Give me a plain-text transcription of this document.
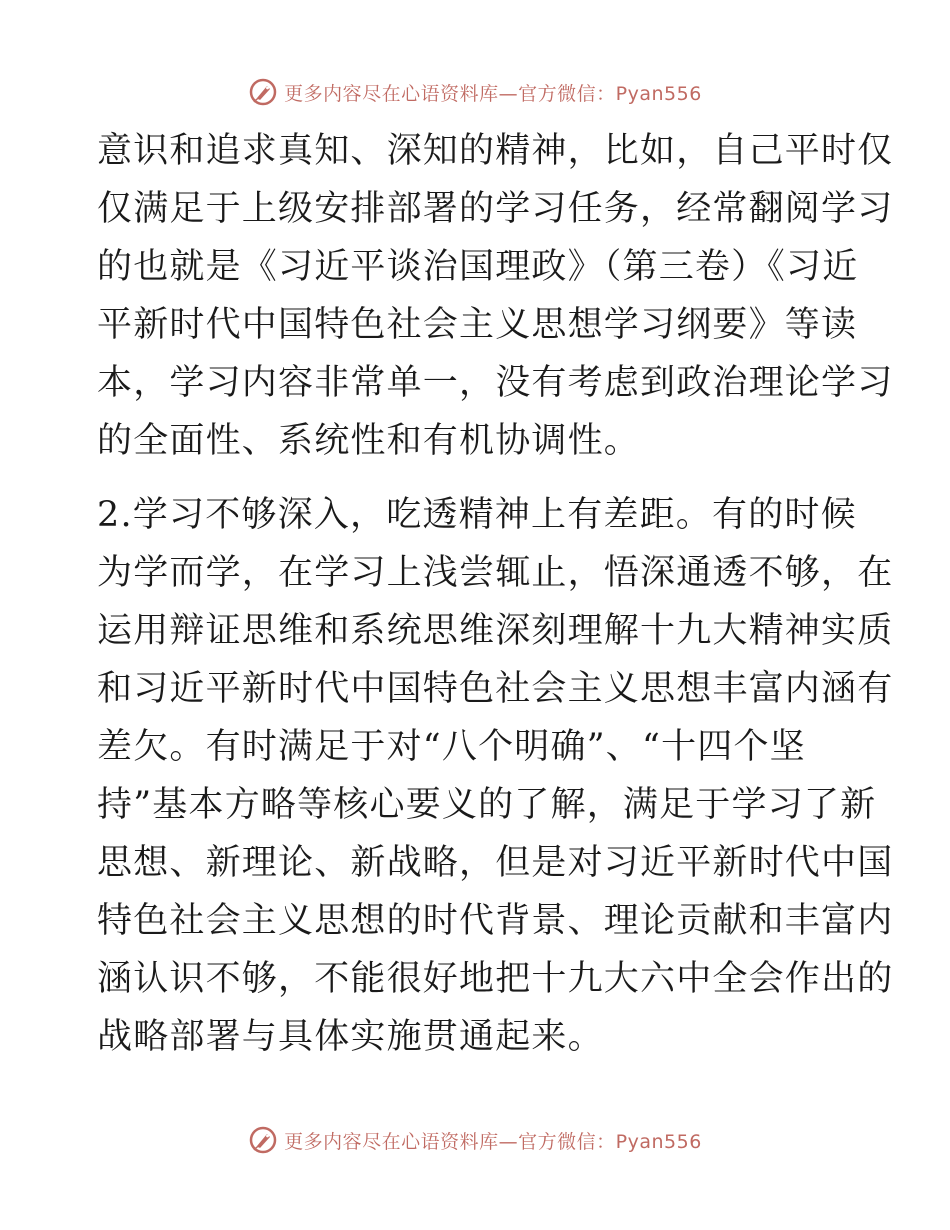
更多内容尽在心语资料库—官方微信：Pyan556
意识和追求真知、深知的精神，比如，自己平时仅
仅满足于上级安排部署的学习任务，经常翻阅学习
的也就是《习近平谈治国理政》（第三卷）《习近
平新时代中国特色社会主义思想学习纲要》等读
本，学习内容非常单一，没有考虑到政治理论学习
的全面性、系统性和有机协调性。
2.学习不够深入，吃透精神上有差距。有的时候
为学而学，在学习上浅尝辄止，悟深通透不够，在
运用辩证思维和系统思维深刻理解十九大精神实质
和习近平新时代中国特色社会主义思想丰富内涵有
差欠。有时满足于对“八个明确”、“十四个坚
持”基本方略等核心要义的了解，满足于学习了新
思想、新理论、新战略，但是对习近平新时代中国
特色社会主义思想的时代背景、理论贡献和丰富内
涵认识不够，不能很好地把十九大六中全会作出的
战略部署与具体实施贯通起来。
更多内容尽在心语资料库—官方微信：Pyan556
